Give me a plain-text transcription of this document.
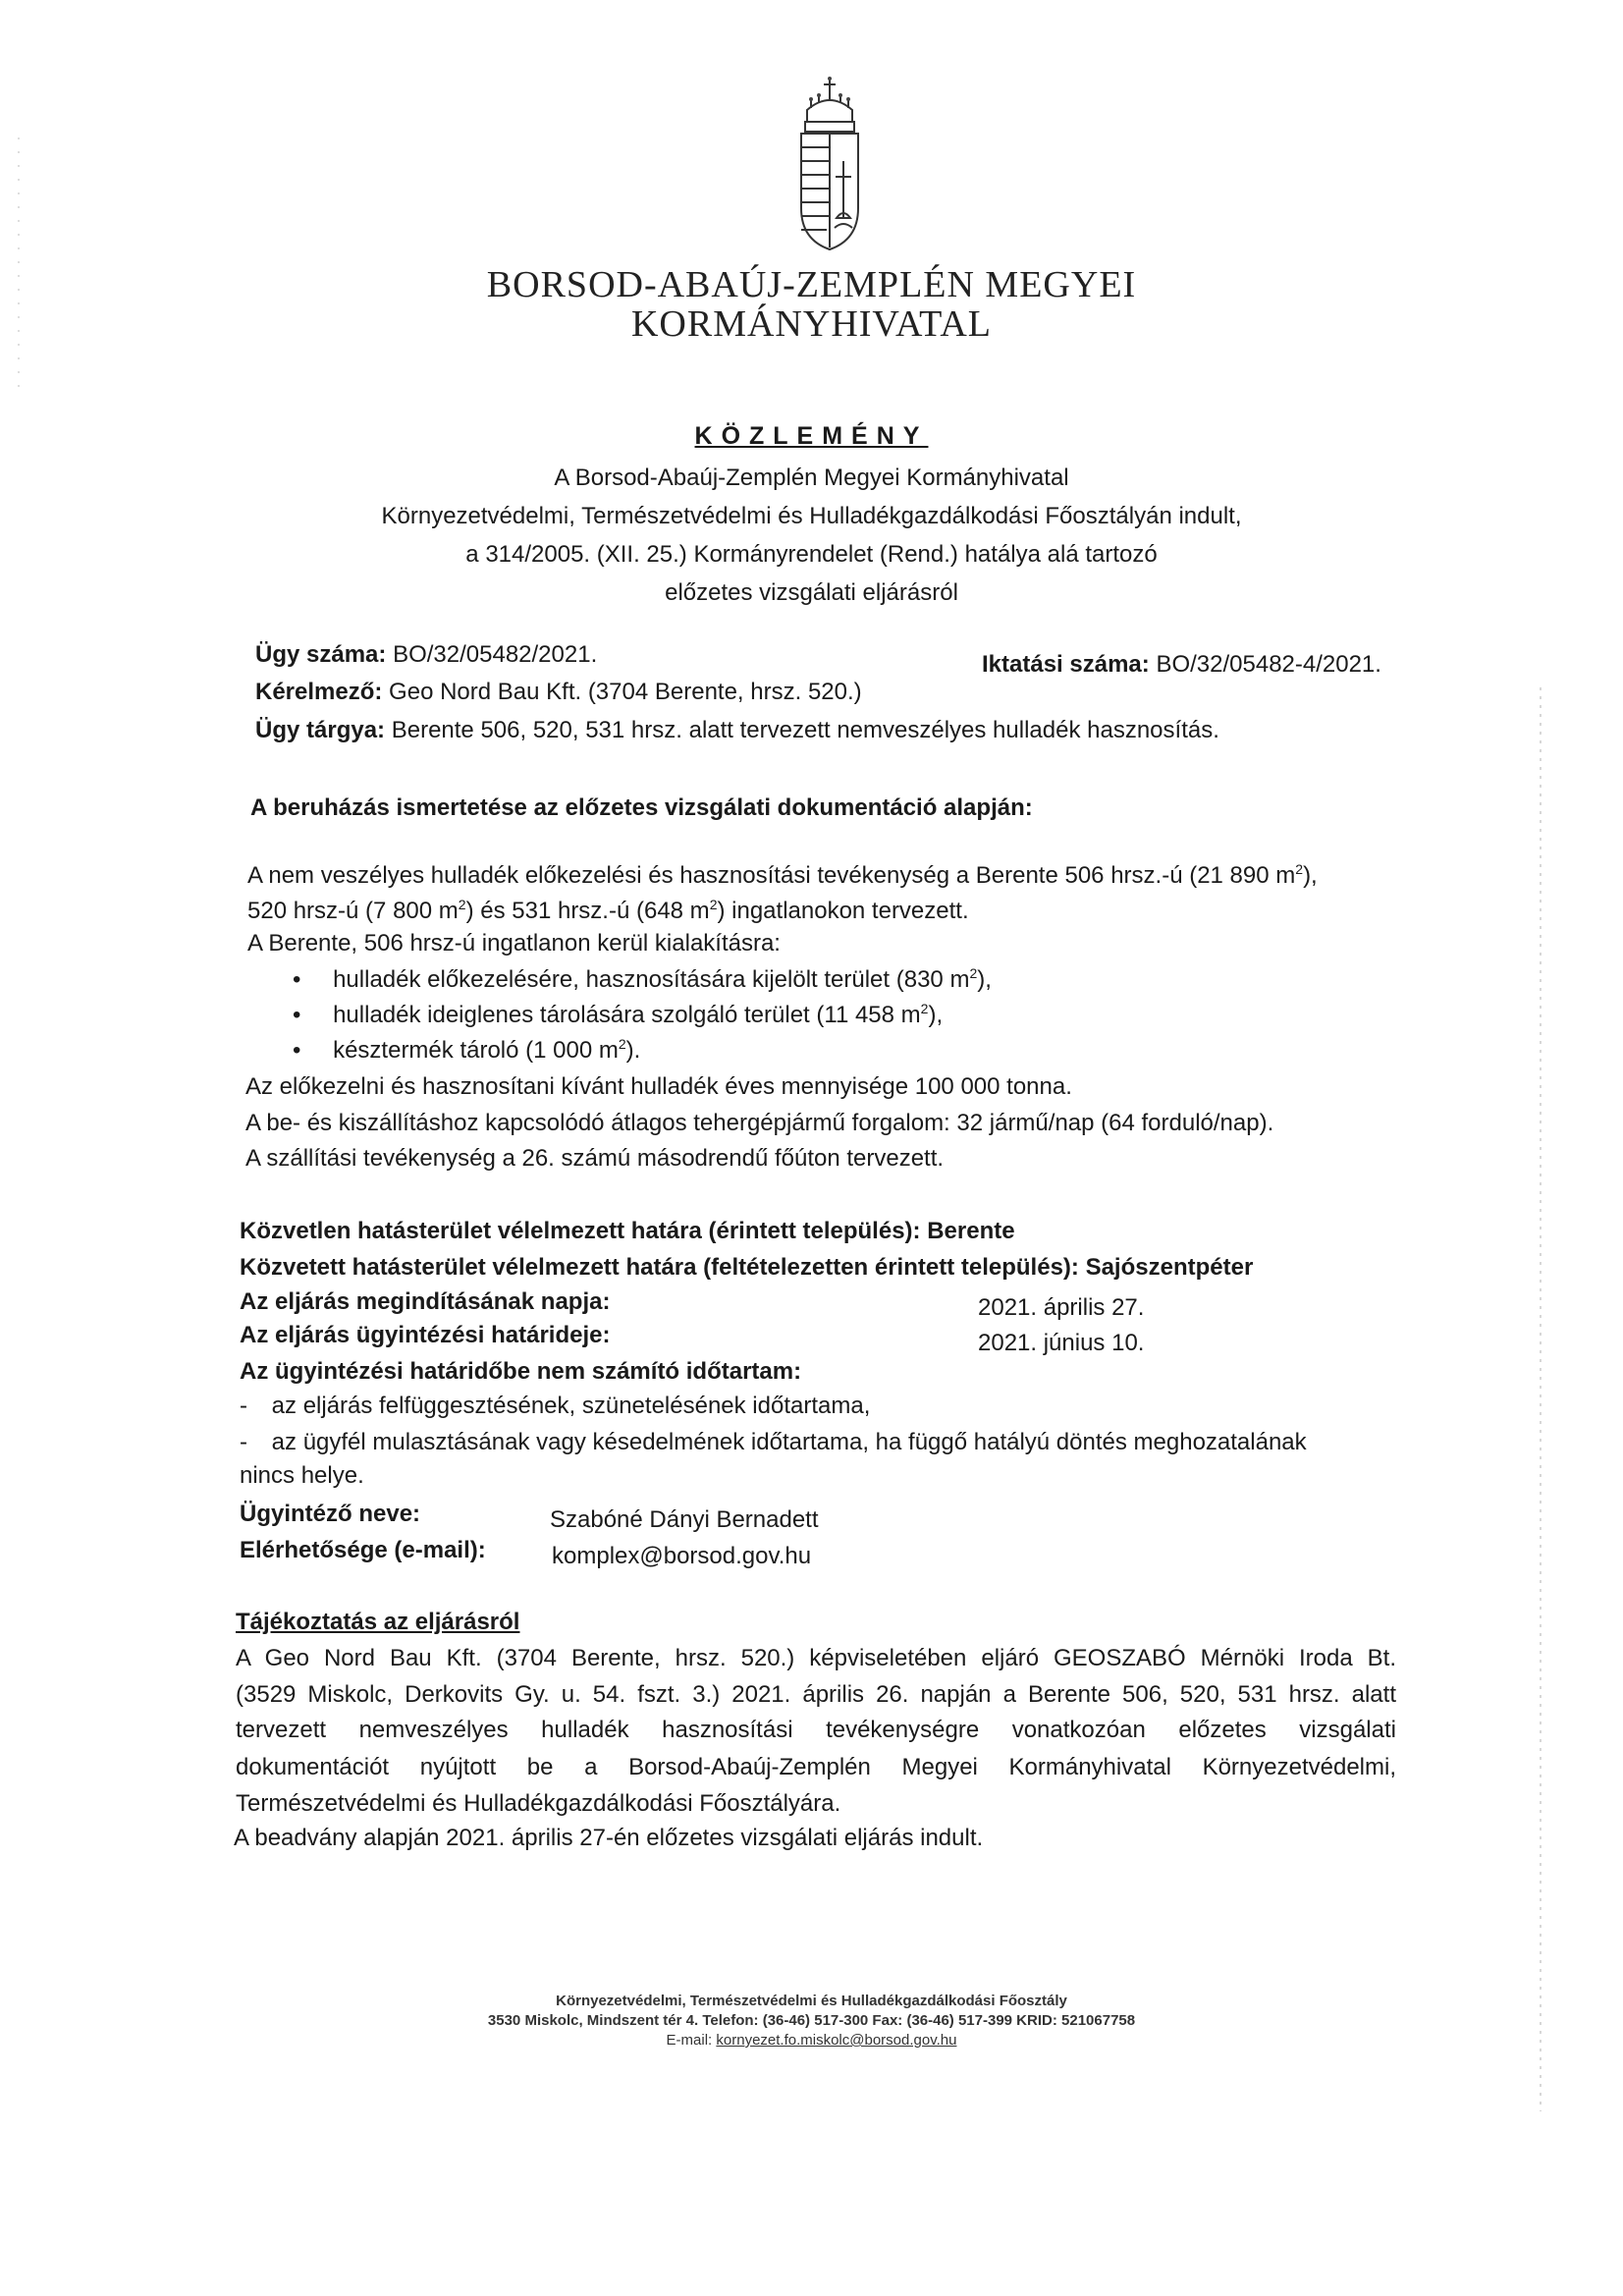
BORSOD-ABAÚJ-ZEMPLÉN MEGYEI
KORMÁNYHIVATAL
KÖZLEMÉNY
A Borsod-Abaúj-Zemplén Megyei Kormányhivatal
Környezetvédelmi, Természetvédelmi és Hulladékgazdálkodási Főosztályán indult,
a 314/2005. (XII. 25.) Kormányrendelet (Rend.) hatálya alá tartozó
előzetes vizsgálati eljárásról
Ügy száma: BO/32/05482/2021.	Iktatási száma: BO/32/05482-4/2021.
Kérelmező: Geo Nord Bau Kft. (3704 Berente, hrsz. 520.)
Ügy tárgya: Berente 506, 520, 531 hrsz. alatt tervezett nemveszélyes hulladék hasznosítás.
A beruházás ismertetése az előzetes vizsgálati dokumentáció alapján:
A nem veszélyes hulladék előkezelési és hasznosítási tevékenység a Berente 506 hrsz.-ú (21 890 $m^2$),
520 hrsz-ú (7 800 $m^2$) és 531 hrsz.-ú (648 $m^2$) ingatlanokon tervezett.
A Berente, 506 hrsz-ú ingatlanon kerül kialakításra:
• hulladék előkezelésére, hasznosítására kijelölt terület (830 $m^2$),
• hulladék ideiglenes tárolására szolgáló terület (11 458 $m^2$),
• késztermék tároló (1 000 $m^2$).
Az előkezelni és hasznosítani kívánt hulladék éves mennyisége 100 000 tonna.
A be- és kiszállításhoz kapcsolódó átlagos tehergépjármű forgalom: 32 jármű/nap (64 forduló/nap).
A szállítási tevékenység a 26. számú másodrendű főúton tervezett.
Közvetlen hatásterület vélelmezett határa (érintett település): Berente
Közvetett hatásterület vélelmezett határa (feltételezetten érintett település): Sajószentpéter
Az eljárás megindításának napja:	2021. április 27.
Az eljárás ügyintézési határideje:	2021. június 10.
Az ügyintézési határidőbe nem számító időtartam:
- az eljárás felfüggesztésének, szünetelésének időtartama,
- az ügyfél mulasztásának vagy késedelmének időtartama, ha függő hatályú döntés meghozatalának
nincs helye.
Ügyintéző neve:	Szabóné Dányi Bernadett
Elérhetősége (e-mail):	komplex@borsod.gov.hu
Tájékoztatás az eljárásról
A Geo Nord Bau Kft. (3704 Berente, hrsz. 520.) képviseletében eljáró GEOSZABÓ Mérnöki Iroda Bt.
(3529 Miskolc, Derkovits Gy. u. 54. fszt. 3.) 2021. április 26. napján a Berente 506, 520, 531 hrsz. alatt
tervezett nemveszélyes hulladék hasznosítási tevékenységre vonatkozóan előzetes vizsgálati
dokumentációt nyújtott be a Borsod-Abaúj-Zemplén Megyei Kormányhivatal Környezetvédelmi,
Természetvédelmi és Hulladékgazdálkodási Főosztályára.
A beadvány alapján 2021. április 27-én előzetes vizsgálati eljárás indult.
Környezetvédelmi, Természetvédelmi és Hulladékgazdálkodási Főosztály
3530 Miskolc, Mindszent tér 4. Telefon: (36-46) 517-300 Fax: (36-46) 517-399 KRID: 521067758
E-mail: kornyezet.fo.miskolc@borsod.gov.hu
